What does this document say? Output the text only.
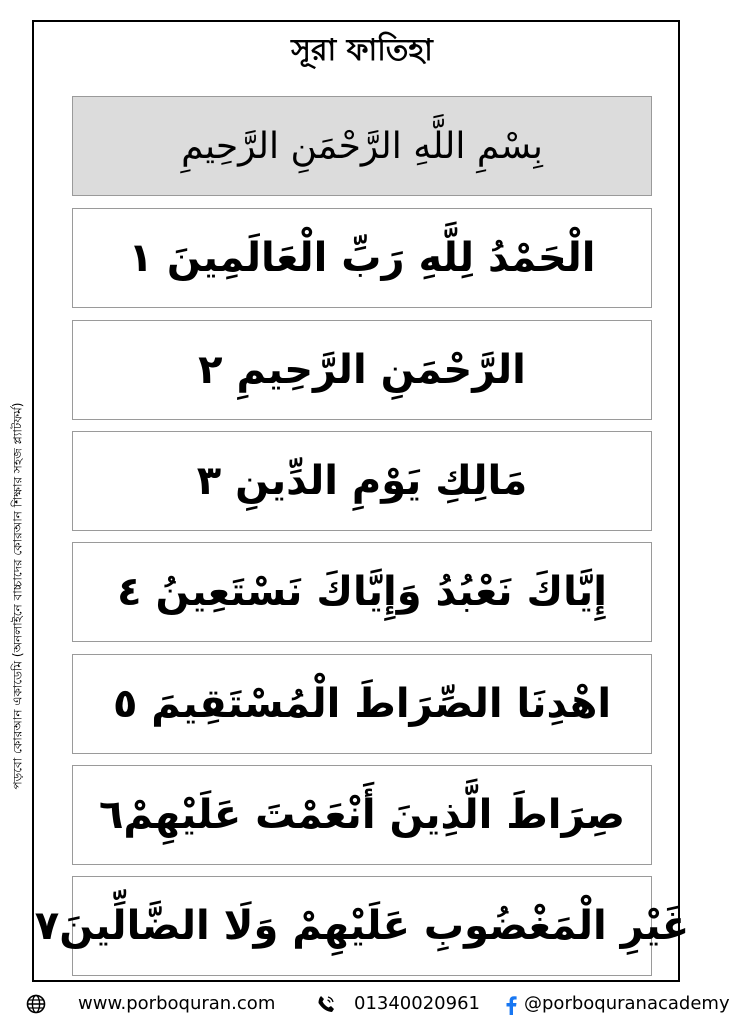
সূরা ফাতিহা
পড়বো কোরআন একাডেমি (অনলাইনে বাচ্চাদের কোরআন শিক্ষার সহজ প্ল্যাটফর্ম)
بِسْمِ اللَّهِ الرَّحْمَنِ الرَّحِيمِ
الْحَمْدُ لِلَّهِ رَبِّ الْعَالَمِينَ ١
الرَّحْمَنِ الرَّحِيمِ ٢
مَالِكِ يَوْمِ الدِّينِ ٣
إِيَّاكَ نَعْبُدُ وَإِيَّاكَ نَسْتَعِينُ ٤
اهْدِنَا الصِّرَاطَ الْمُسْتَقِيمَ ٥
صِرَاطَ الَّذِينَ أَنْعَمْتَ عَلَيْهِمْ٦
غَيْرِ الْمَغْضُوبِ عَلَيْهِمْ وَلَا الضَّالِّينَ٧
www.porboquran.com	01340020961 @porboquranacademy
